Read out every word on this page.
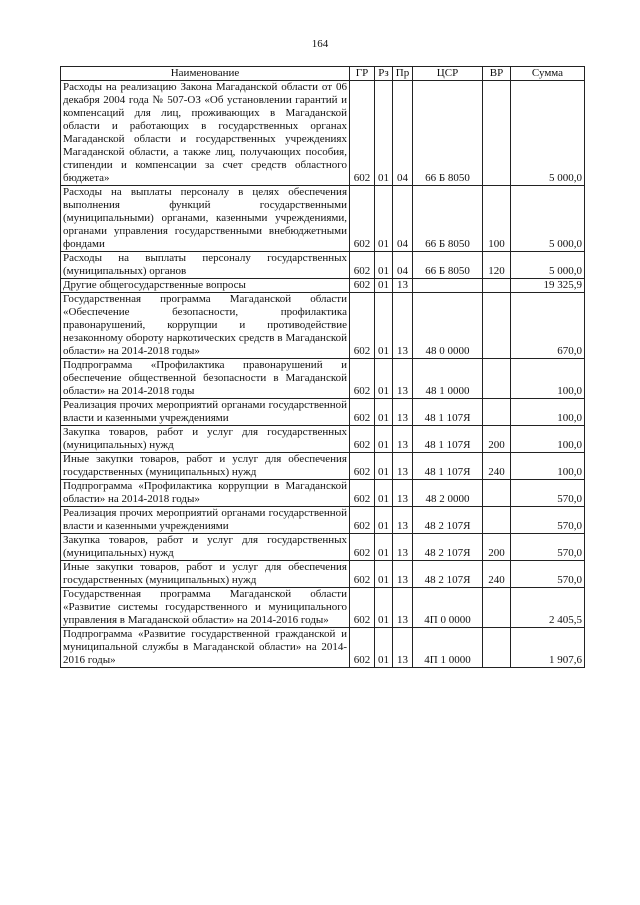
164
Наименование	ГР	Рз	Пр	ЦСР	ВР	Сумма
Расходы на реализацию Закона Магаданской области от 06 декабря 2004 года № 507-ОЗ «Об установлении гарантий и компенсаций для лиц, проживающих в Магаданской области и работающих в государственных органах Магаданской области и государственных учреждениях Магаданской области, а также лиц, получающих пособия, стипендии и компенсации за счет средств областного бюджета»	602	01	04	66 Б 8050		5 000,0
Расходы на выплаты персоналу в целях обеспечения выполнения функций государственными (муниципальными) органами, казенными учреждениями, органами управления государственными внебюджетными фондами	602	01	04	66 Б 8050	100	5 000,0
Расходы на выплаты персоналу государственных (муниципальных) органов	602	01	04	66 Б 8050	120	5 000,0
Другие общегосударственные вопросы	602	01	13			19 325,9
Государственная программа Магаданской области «Обеспечение безопасности, профилактика правонарушений, коррупции и противодействие незаконному обороту наркотических средств в Магаданской области» на 2014-2018 годы»	602	01	13	48 0 0000		670,0
Подпрограмма «Профилактика правонарушений и обеспечение общественной безопасности в Магаданской области» на 2014-2018 годы	602	01	13	48 1 0000		100,0
Реализация прочих мероприятий органами государственной власти и казенными учреждениями	602	01	13	48 1 107Я		100,0
Закупка товаров, работ и услуг для государственных (муниципальных) нужд	602	01	13	48 1 107Я	200	100,0
Иные закупки товаров, работ и услуг для обеспечения государственных (муниципальных) нужд	602	01	13	48 1 107Я	240	100,0
Подпрограмма «Профилактика коррупции в Магаданской области» на 2014-2018 годы»	602	01	13	48 2 0000		570,0
Реализация прочих мероприятий органами государственной власти и казенными учреждениями	602	01	13	48 2 107Я		570,0
Закупка товаров, работ и услуг для государственных (муниципальных) нужд	602	01	13	48 2 107Я	200	570,0
Иные закупки товаров, работ и услуг для обеспечения государственных (муниципальных) нужд	602	01	13	48 2 107Я	240	570,0
Государственная программа Магаданской области «Развитие системы государственного и муниципального управления в Магаданской области» на 2014-2016 годы»	602	01	13	4П 0 0000		2 405,5
Подпрограмма «Развитие государственной гражданской и муниципальной службы в Магаданской области» на 2014-2016 годы»	602	01	13	4П 1 0000		1 907,6
